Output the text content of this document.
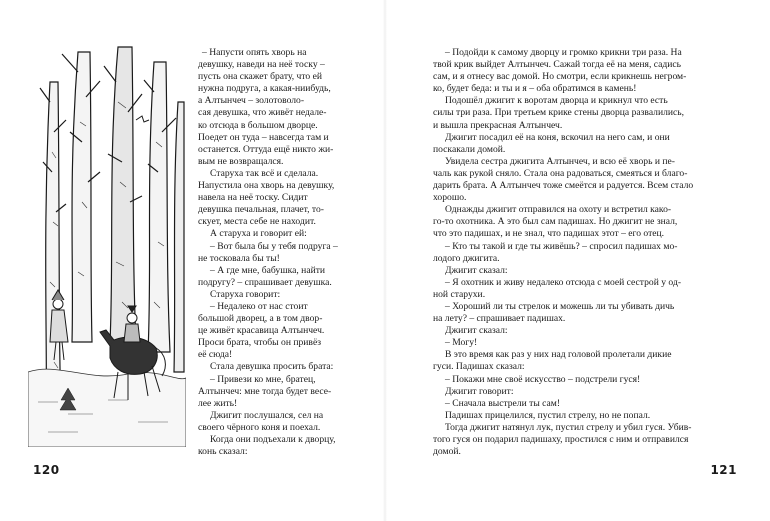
– Напусти опять хворь на

девушку, наведи на неё тоску –

пусть она скажет брату, что ей

нужна подруга, а какая-ниибудь,

а Алтынчеч – золотоволо-

сая девушка, что живёт недале-

ко отсюда в большом дворце.

Поедет он туда – навсегда там и

останется. Оттуда ещё никто жи-

вым не возвращался.

Старуха так всё и сделала.

Напустила она хворь на девушку,

навела на неё тоску. Сидит

девушка печальная, плачет, то-

скует, места себе не находит.

А старуха и говорит ей:

– Вот была бы у тебя подруга –

не тосковала бы ты!

– А где мне, бабушка, найти

подругу? – спрашивает девушка.

Старуха говорит:

– Недалеко от нас стоит

большой дворец, а в том двор-

це живёт красавица Алтынчеч.

Проси брата, чтобы он привёз

её сюда!

Стала девушка просить брата:

– Привези ко мне, братец,

Алтынчеч: мне тогда будет весе-

лее жить!

Джигит послушался, сел на

своего чёрного коня и поехал.

Когда они подъехали к дворцу,

конь сказал:

120

– Подойди к самому дворцу и громко крикни три раза. На

твой крик выйдет Алтынчеч. Сажай тогда её на меня, садись

сам, и я отнесу вас домой. Но смотри, если крикнешь негром-

ко, будет беда: и ты и я – оба обратимся в камень!

Подошёл джигит к воротам дворца и крикнул что есть

силы три раза. При третьем крике стены дворца развалились,

и вышла прекрасная Алтынчеч.

Джигит посадил её на коня, вскочил на него сам, и они

поскакали домой.

Увидела сестра джигита Алтынчеч, и всю её хворь и пе-

чаль как рукой сняло. Стала она радоваться, смеяться и благо-

дарить брата. А Алтынчеч тоже смеётся и радуется. Всем стало

хорошо.

Однажды джигит отправился на охоту и встретил како-

го-то охотника. А это был сам падишах. Но джигит не знал,

что это падишах, и не знал, что падишах этот – его отец.

– Кто ты такой и где ты живёшь? – спросил падишах мо-

лодого джигита.

Джигит сказал:

– Я охотник и живу недалеко отсюда с моей сестрой у од-

ной старухи.

– Хороший ли ты стрелок и можешь ли ты убивать дичь

на лету? – спрашивает падишах.

Джигит сказал:

– Могу!

В это время как раз у них над головой пролетали дикие

гуси. Падишах сказал:

– Покажи мне своё искусство – подстрели гуся!

Джигит говорит:

– Сначала выстрели ты сам!

Падишах прицелился, пустил стрелу, но не попал.

Тогда джигит натянул лук, пустил стрелу и убил гуся. Убив-

того гуся он подарил падишаху, простился с ним и отправился

домой.

121
